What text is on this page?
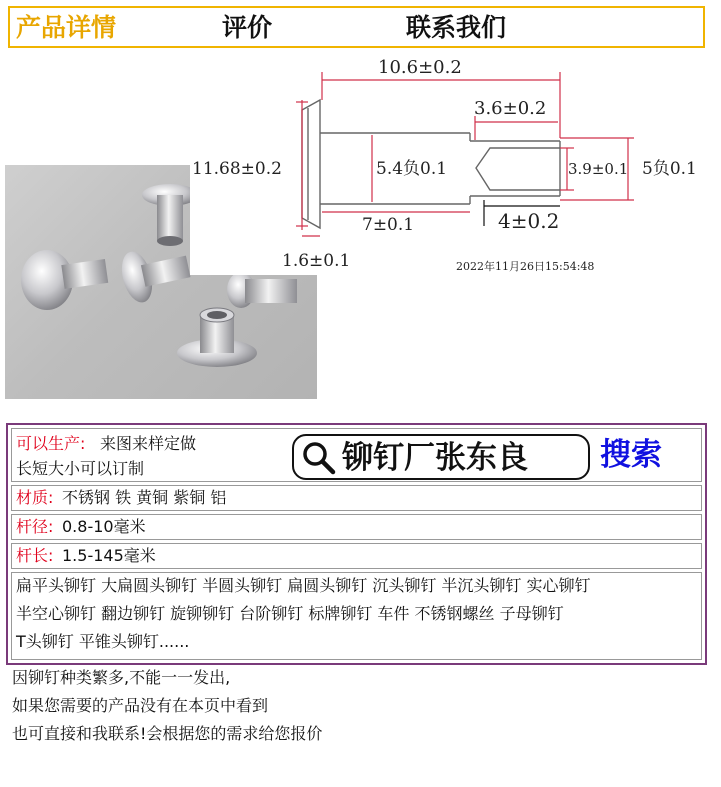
产品详情	评价	联系我们
10.6±0.2
3.6±0.2
11.68±0.2	5.4负0.1	3.9±0.1 5负0.1
7±0.1	4±0.2
1.6±0.1	2022年11月26日15:54:48
可以生产: 来图来样定做
长短大小可以订制	铆钉厂张东良 搜索
材质: 不锈钢 铁 黄铜 紫铜 铝
杆径: 0.8-10毫米
杆长: 1.5-145毫米
扁平头铆钉 大扁圆头铆钉 半圆头铆钉 扁圆头铆钉 沉头铆钉 半沉头铆钉 实心铆钉
半空心铆钉 翻边铆钉 旋铆铆钉 台阶铆钉 标牌铆钉 车件 不锈钢螺丝 子母铆钉
T头铆钉 平锥头铆钉......
因铆钉种类繁多,不能一一发出,
如果您需要的产品没有在本页中看到
也可直接和我联系!会根据您的需求给您报价
